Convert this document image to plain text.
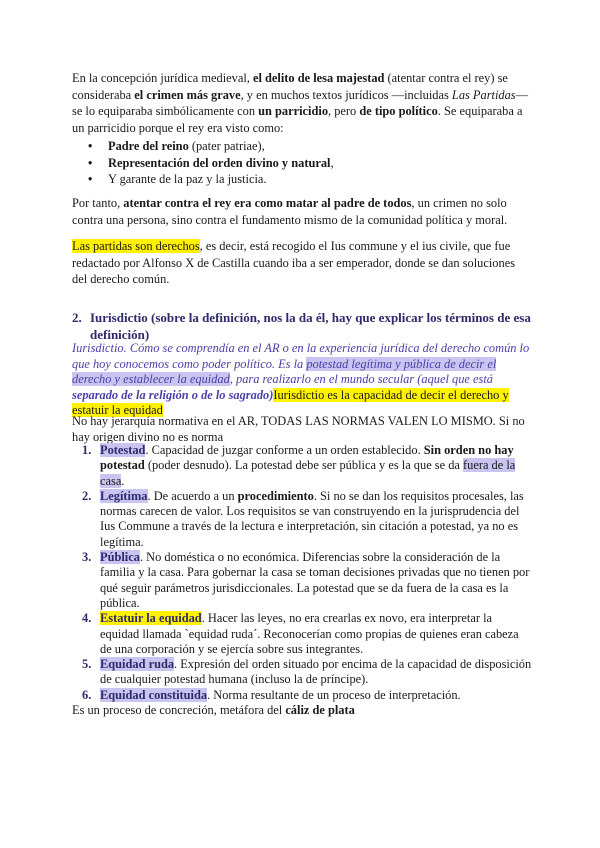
En la concepción jurídica medieval, el delito de lesa majestad (atentar contra el rey) se consideraba el crimen más grave, y en muchos textos jurídicos —incluidas Las Partidas— se lo equiparaba simbólicamente con un parricidio, pero de tipo político. Se equiparaba a un parricidio porque el rey era visto como:
• Padre del reino (pater patriae),
• Representación del orden divino y natural,
• Y garante de la paz y la justicia.
Por tanto, atentar contra el rey era como matar al padre de todos, un crimen no solo contra una persona, sino contra el fundamento mismo de la comunidad política y moral.
Las partidas son derechos, es decir, está recogido el Ius commune y el ius civile, que fue redactado por Alfonso X de Castilla cuando iba a ser emperador, donde se dan soluciones del derecho común.
2. Iurisdictio (sobre la definición, nos la da él, hay que explicar los términos de esa definición)
Iurisdictio. Cómo se comprendía en el AR o en la experiencia jurídica del derecho común lo que hoy conocemos como poder político. Es la potestad legítima y pública de decir el derecho y establecer la equidad, para realizarlo en el mundo secular (aquel que está separado de la religión o de lo sagrado)Iurisdictio es la capacidad de decir el derecho y estatuir la equidad
No hay jerarquía normativa en el AR, TODAS LAS NORMAS VALEN LO MISMO. Si no hay origen divino no es norma
1. Potestad. Capacidad de juzgar conforme a un orden establecido. Sin orden no hay potestad (poder desnudo). La potestad debe ser pública y es la que se da fuera de la casa.
2. Legítima. De acuerdo a un procedimiento. Si no se dan los requisitos procesales, las normas carecen de valor. Los requisitos se van construyendo en la jurisprudencia del Ius Commune a través de la lectura e interpretación, sin citación a potestad, ya no es legítima.
3. Pública. No doméstica o no económica. Diferencias sobre la consideración de la familia y la casa. Para gobernar la casa se toman decisiones privadas que no tienen por qué seguir parámetros jurisdiccionales. La potestad que se da fuera de la casa es la pública.
4. Estatuir la equidad. Hacer las leyes, no era crearlas ex novo, era interpretar la equidad llamada `equidad ruda´. Reconocerían como propias de quienes eran cabeza de una corporación y se ejercía sobre sus integrantes.
5. Equidad ruda. Expresión del orden situado por encima de la capacidad de disposición de cualquier potestad humana (incluso la de príncipe).
6. Equidad constituida. Norma resultante de un proceso de interpretación.
Es un proceso de concreción, metáfora del cáliz de plata
